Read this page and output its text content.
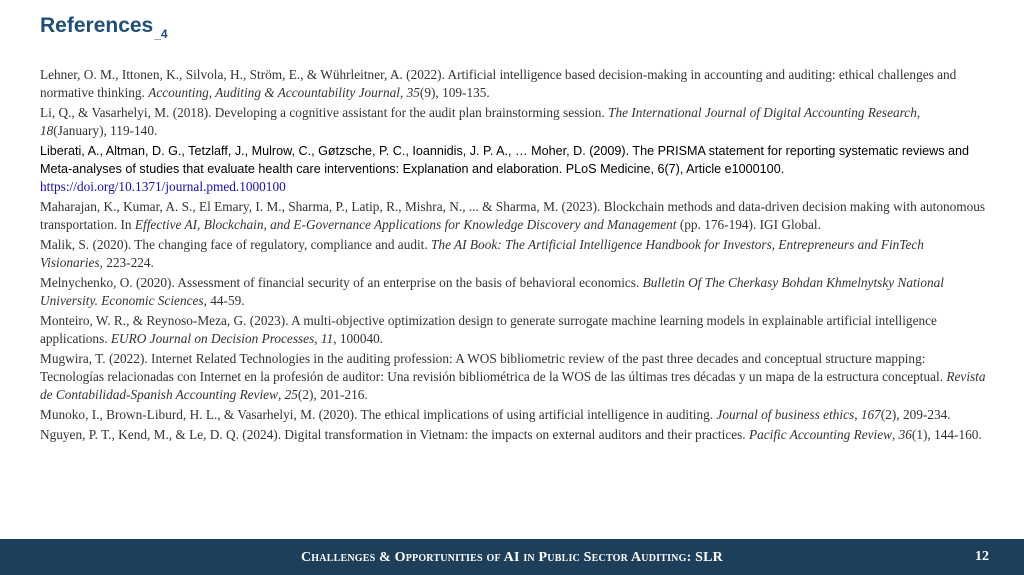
References$_{\_4}$

Lehner, O. M., Ittonen, K., Silvola, H., Ström, E., & Wührleitner, A. (2022). Artificial intelligence based decision-making in accounting and auditing: ethical challenges and normative thinking. Accounting, Auditing & Accountability Journal, 35(9), 109-135.

Li, Q., & Vasarhelyi, M. (2018). Developing a cognitive assistant for the audit plan brainstorming session. The International Journal of Digital Accounting Research, 18(January), 119-140.

Liberati, A., Altman, D. G., Tetzlaff, J., Mulrow, C., Gøtzsche, P. C., Ioannidis, J. P. A., … Moher, D. (2009). The PRISMA statement for reporting systematic reviews and Meta-analyses of studies that evaluate health care interventions: Explanation and elaboration. PLoS Medicine, 6(7), Article e1000100. https://doi.org/10.1371/journal.pmed.1000100

Maharajan, K., Kumar, A. S., El Emary, I. M., Sharma, P., Latip, R., Mishra, N., ... & Sharma, M. (2023). Blockchain methods and data-driven decision making with autonomous transportation. In Effective AI, Blockchain, and E-Governance Applications for Knowledge Discovery and Management (pp. 176-194). IGI Global.

Malik, S. (2020). The changing face of regulatory, compliance and audit. The AI Book: The Artificial Intelligence Handbook for Investors, Entrepreneurs and FinTech Visionaries, 223-224.

Melnychenko, O. (2020). Assessment of financial security of an enterprise on the basis of behavioral economics. Bulletin Of The Cherkasy Bohdan Khmelnytsky National University. Economic Sciences, 44-59.

Monteiro, W. R., & Reynoso-Meza, G. (2023). A multi-objective optimization design to generate surrogate machine learning models in explainable artificial intelligence applications. EURO Journal on Decision Processes, 11, 100040.

Mugwira, T. (2022). Internet Related Technologies in the auditing profession: A WOS bibliometric review of the past three decades and conceptual structure mapping: Tecnologías relacionadas con Internet en la profesión de auditor: Una revisión bibliométrica de la WOS de las últimas tres décadas y un mapa de la estructura conceptual. Revista de Contabilidad-Spanish Accounting Review, 25(2), 201-216.

Munoko, I., Brown-Liburd, H. L., & Vasarhelyi, M. (2020). The ethical implications of using artificial intelligence in auditing. Journal of business ethics, 167(2), 209-234.

Nguyen, P. T., Kend, M., & Le, D. Q. (2024). Digital transformation in Vietnam: the impacts on external auditors and their practices. Pacific Accounting Review, 36(1), 144-160.

Challenges & Opportunities of AI in Public Sector Auditing: SLR	12
